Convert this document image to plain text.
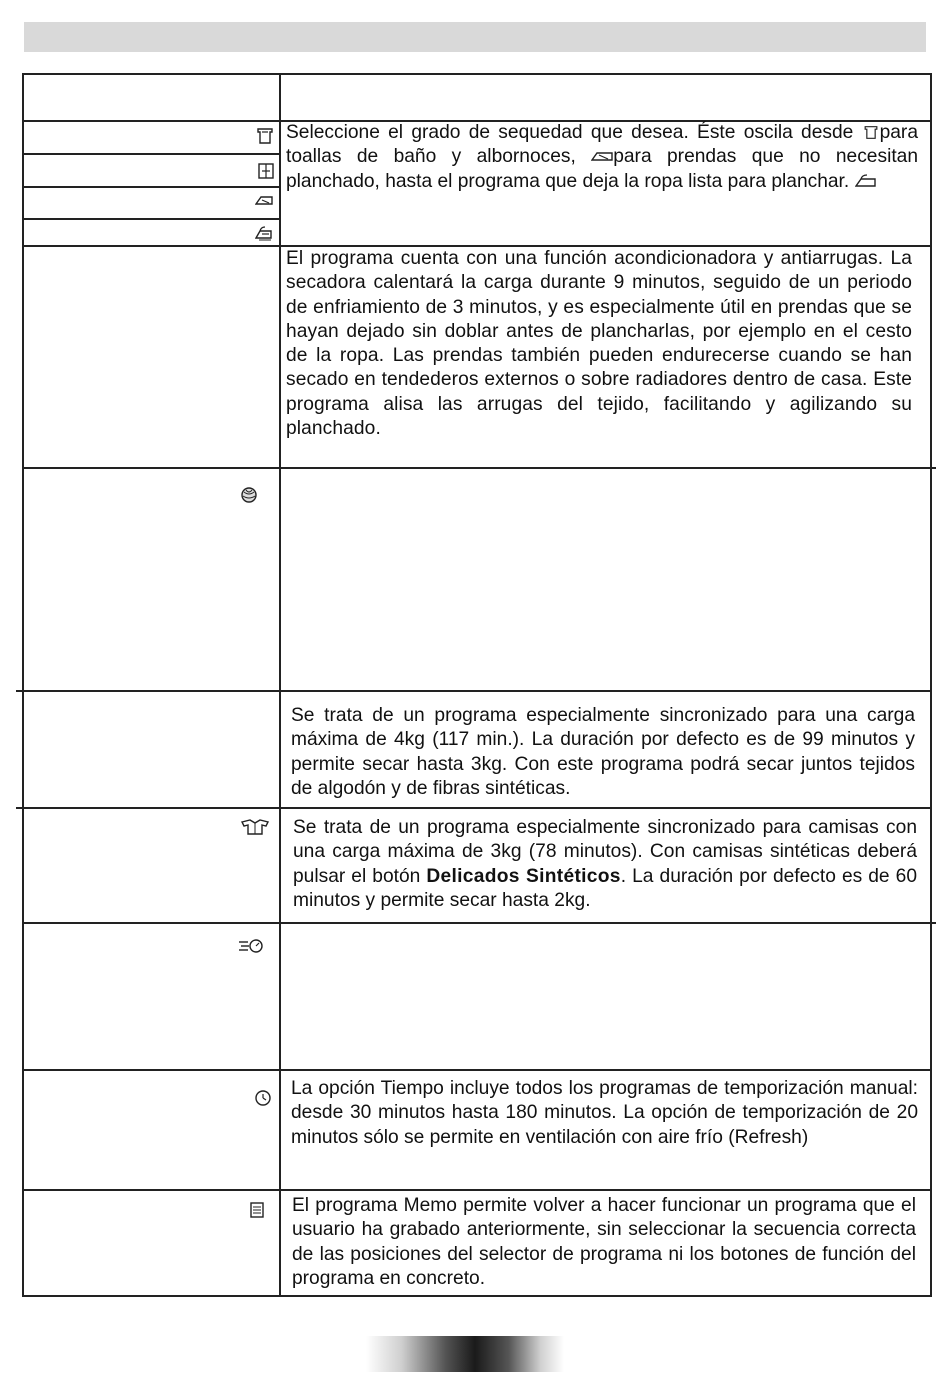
Seleccione el grado de sequedad que desea. Éste oscila desde
para toallas de baño y albornoces,
para prendas que no necesitan planchado, hasta el programa que deja la ropa lista para planchar.
El programa cuenta con una función acondicionadora y antiarrugas. La secadora calentará la carga durante 9 minutos, seguido de un periodo de enfriamiento de 3 minutos, y es especialmente útil en prendas que se hayan dejado sin doblar antes de plancharlas, por ejemplo en el cesto de la ropa. Las prendas también pueden endurecerse cuando se han secado en tendederos externos o sobre radiadores dentro de casa. Este programa alisa las arrugas del tejido, facilitando y agilizando su planchado.
Se trata de un programa especialmente sincronizado para una carga máxima de 4kg (117 min.). La duración por defecto es de 99 minutos y permite secar hasta 3kg. Con este programa podrá secar juntos tejidos de algodón y de fibras sintéticas.
Se trata de un programa especialmente sincronizado para camisas con una carga máxima de 3kg (78 minutos). Con camisas sintéticas deberá pulsar el botón Delicados Sintéticos. La duración por defecto es de 60 minutos y permite secar hasta 2kg.
La opción Tiempo incluye todos los programas de temporización manual: desde 30 minutos hasta 180 minutos. La opción de temporización de 20 minutos sólo se permite en ventilación con aire frío (Refresh)
El programa Memo permite volver a hacer funcionar un programa que el usuario ha grabado anteriormente, sin seleccionar la secuencia correcta de las posiciones del selector de programa ni los botones de función del programa en concreto.
